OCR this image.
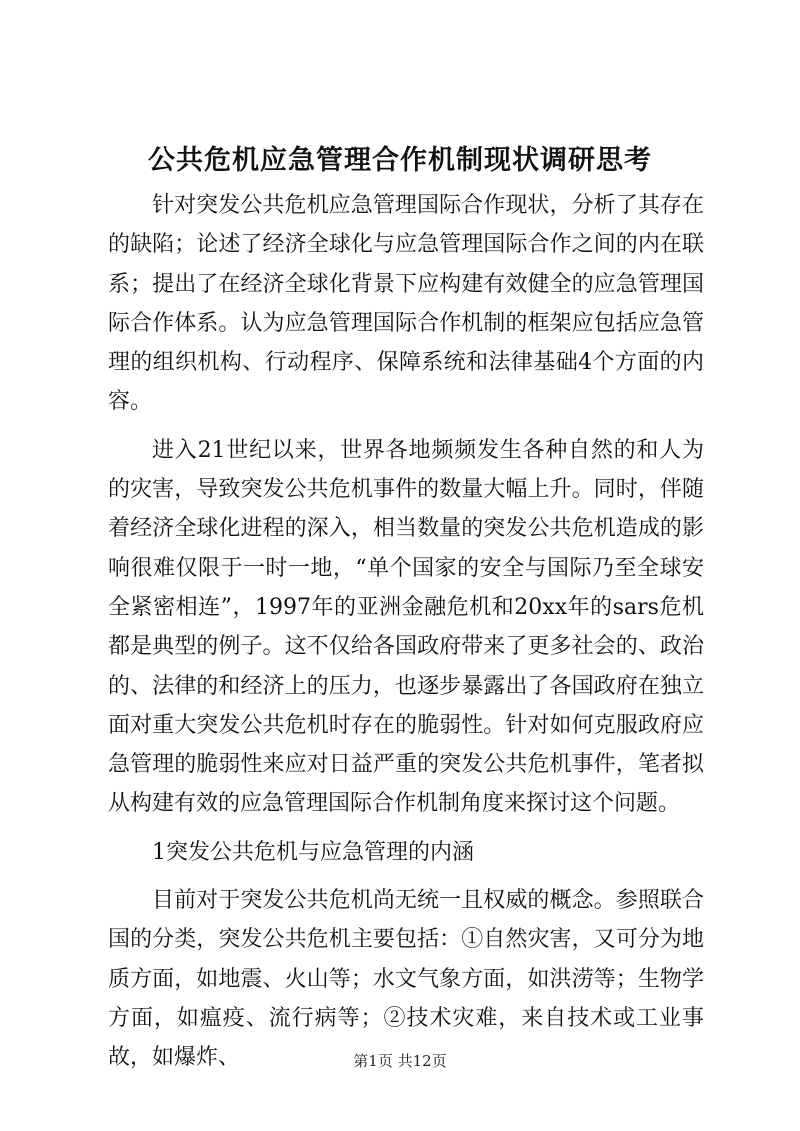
公共危机应急管理合作机制现状调研思考

针对突发公共危机应急管理国际合作现状，分析了其存在的缺陷；论述了经济全球化与应急管理国际合作之间的内在联系；提出了在经济全球化背景下应构建有效健全的应急管理国际合作体系。认为应急管理国际合作机制的框架应包括应急管理的组织机构、行动程序、保障系统和法律基础4个方面的内容。

进入21世纪以来，世界各地频频发生各种自然的和人为的灾害，导致突发公共危机事件的数量大幅上升。同时，伴随着经济全球化进程的深入，相当数量的突发公共危机造成的影响很难仅限于一时一地，“单个国家的安全与国际乃至全球安全紧密相连”，1997年的亚洲金融危机和20xx年的sars危机都是典型的例子。这不仅给各国政府带来了更多社会的、政治的、法律的和经济上的压力，也逐步暴露出了各国政府在独立面对重大突发公共危机时存在的脆弱性。针对如何克服政府应急管理的脆弱性来应对日益严重的突发公共危机事件，笔者拟从构建有效的应急管理国际合作机制角度来探讨这个问题。

1突发公共危机与应急管理的内涵

目前对于突发公共危机尚无统一且权威的概念。参照联合国的分类，突发公共危机主要包括：①自然灾害，又可分为地质方面，如地震、火山等；水文气象方面，如洪涝等；生物学方面，如瘟疫、流行病等；②技术灾难，来自技术或工业事故，如爆炸、	第1页 共12页
